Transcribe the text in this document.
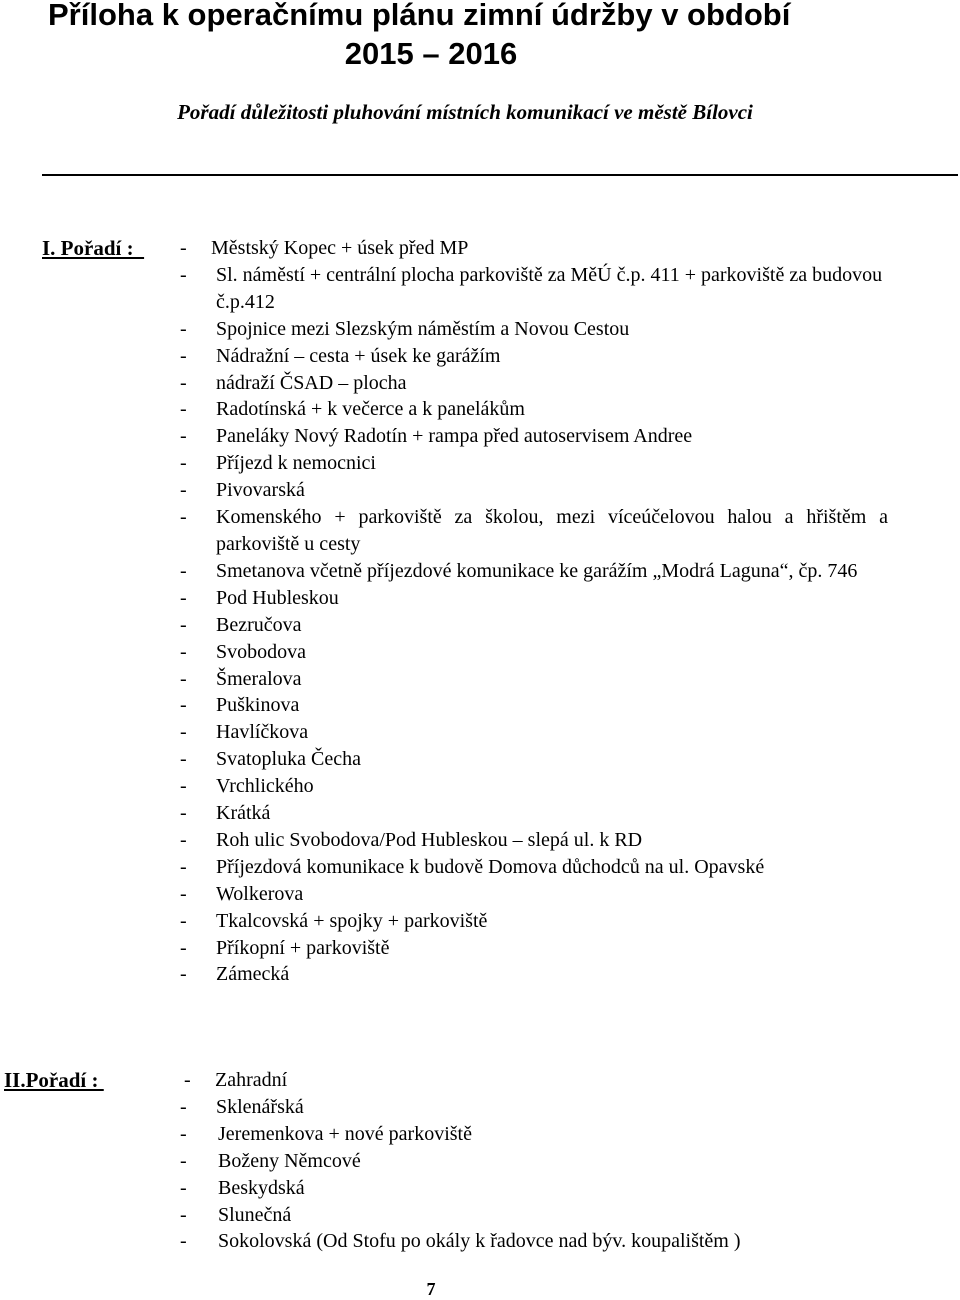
Příloha k operačnímu plánu zimní údržby v období
2015 – 2016
Pořadí důležitosti pluhování místních komunikací ve městě Bílovci
I. Pořadí : -	Městský Kopec + úsek před MP
-	Sl. náměstí + centrální plocha parkoviště za MěÚ č.p. 411 + parkoviště za budovou č.p.412
-	Spojnice mezi Slezským náměstím a Novou Cestou
-	Nádražní – cesta + úsek ke garážím
-	nádraží ČSAD – plocha
-	Radotínská + k večerce a k panelákům
-	Paneláky Nový Radotín + rampa před autoservisem Andree
-	Příjezd k nemocnici
-	Pivovarská
-	Komenského + parkoviště za školou, mezi víceúčelovou halou a hřištěm a parkoviště u cesty
-	Smetanova včetně příjezdové komunikace ke garážím „Modrá Laguna“, čp. 746
-	Pod Hubleskou
-	Bezručova
-	Svobodova
-	Šmeralova
-	Puškinova
-	Havlíčkova
-	Svatopluka Čecha
-	Vrchlického
-	Krátká
-	Roh ulic Svobodova/Pod Hubleskou – slepá ul. k RD
-	Příjezdová komunikace k budově Domova důchodců na ul. Opavské
-	Wolkerova
-	Tkalcovská + spojky + parkoviště
-	Příkopní + parkoviště
-	Zámecká
II.Pořadí :	-	Zahradní
-	Sklenářská
-	Jeremenkova + nové parkoviště
-	Boženy Němcové
-	Beskydská
-	Slunečná
-	Sokolovská (Od Stofu po okály k řadovce nad býv. koupalištěm )
7
